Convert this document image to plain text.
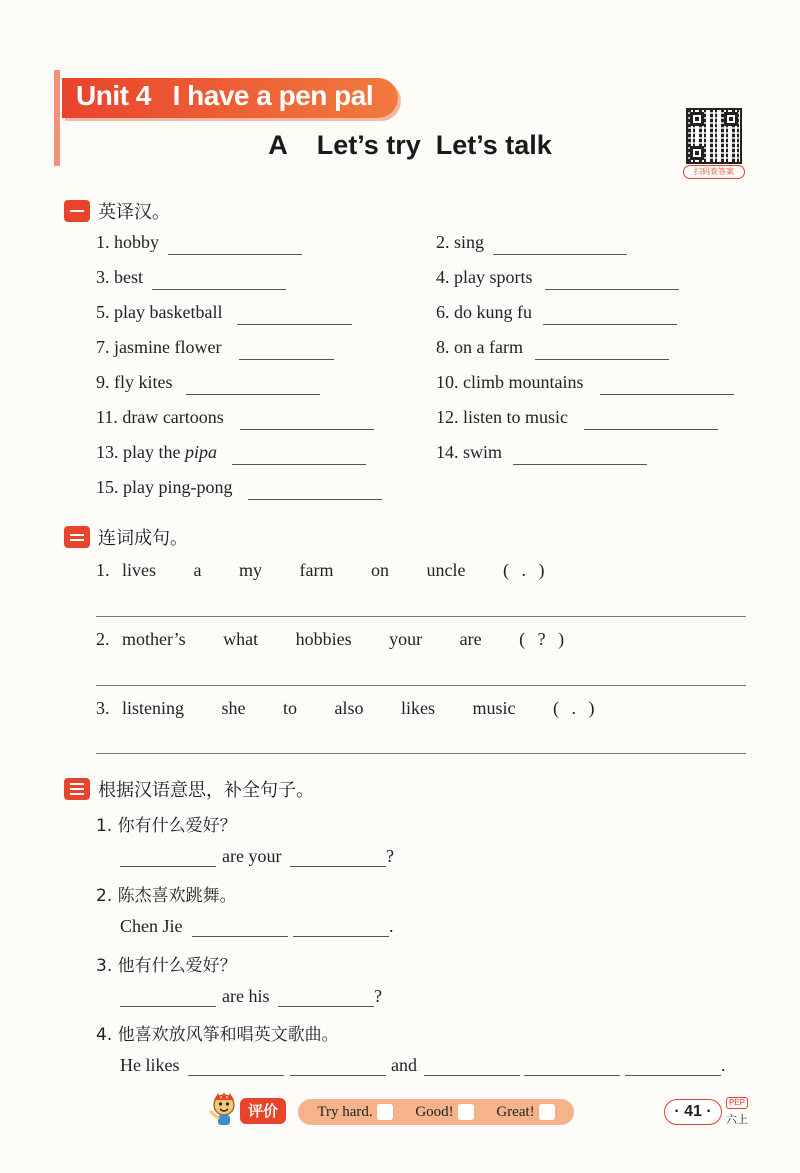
Unit 4   I have a pen pal
A    Let’s try  Let’s talk
扫码查答案
英译汉。
1. hobby	2. sing
3. best	4. play sports
5. play basketball	6. do kung fu
7. jasmine flower	8. on a farm
9. fly kites	10. climb mountains
11. draw cartoons	12. listen to music
13. play the pipa	14. swim
15. play ping-pong
连词成句。
1. lives   a   my   farm   on   uncle   ( . )
2. mother’s   what   hobbies   your   are   ( ? )
3. listening   she   to   also   likes   music   ( . )
根据汉语意思，补全句子。
1. 你有什么爱好？
are your	?
2. 陈杰喜欢跳舞。
Chen Jie	.
3. 他有什么爱好？
are his	?
4. 他喜欢放风筝和唱英文歌曲。
He likes	and	.
评价	Try hard.	Good!	Great!	· 41 ·
PEP
六上
